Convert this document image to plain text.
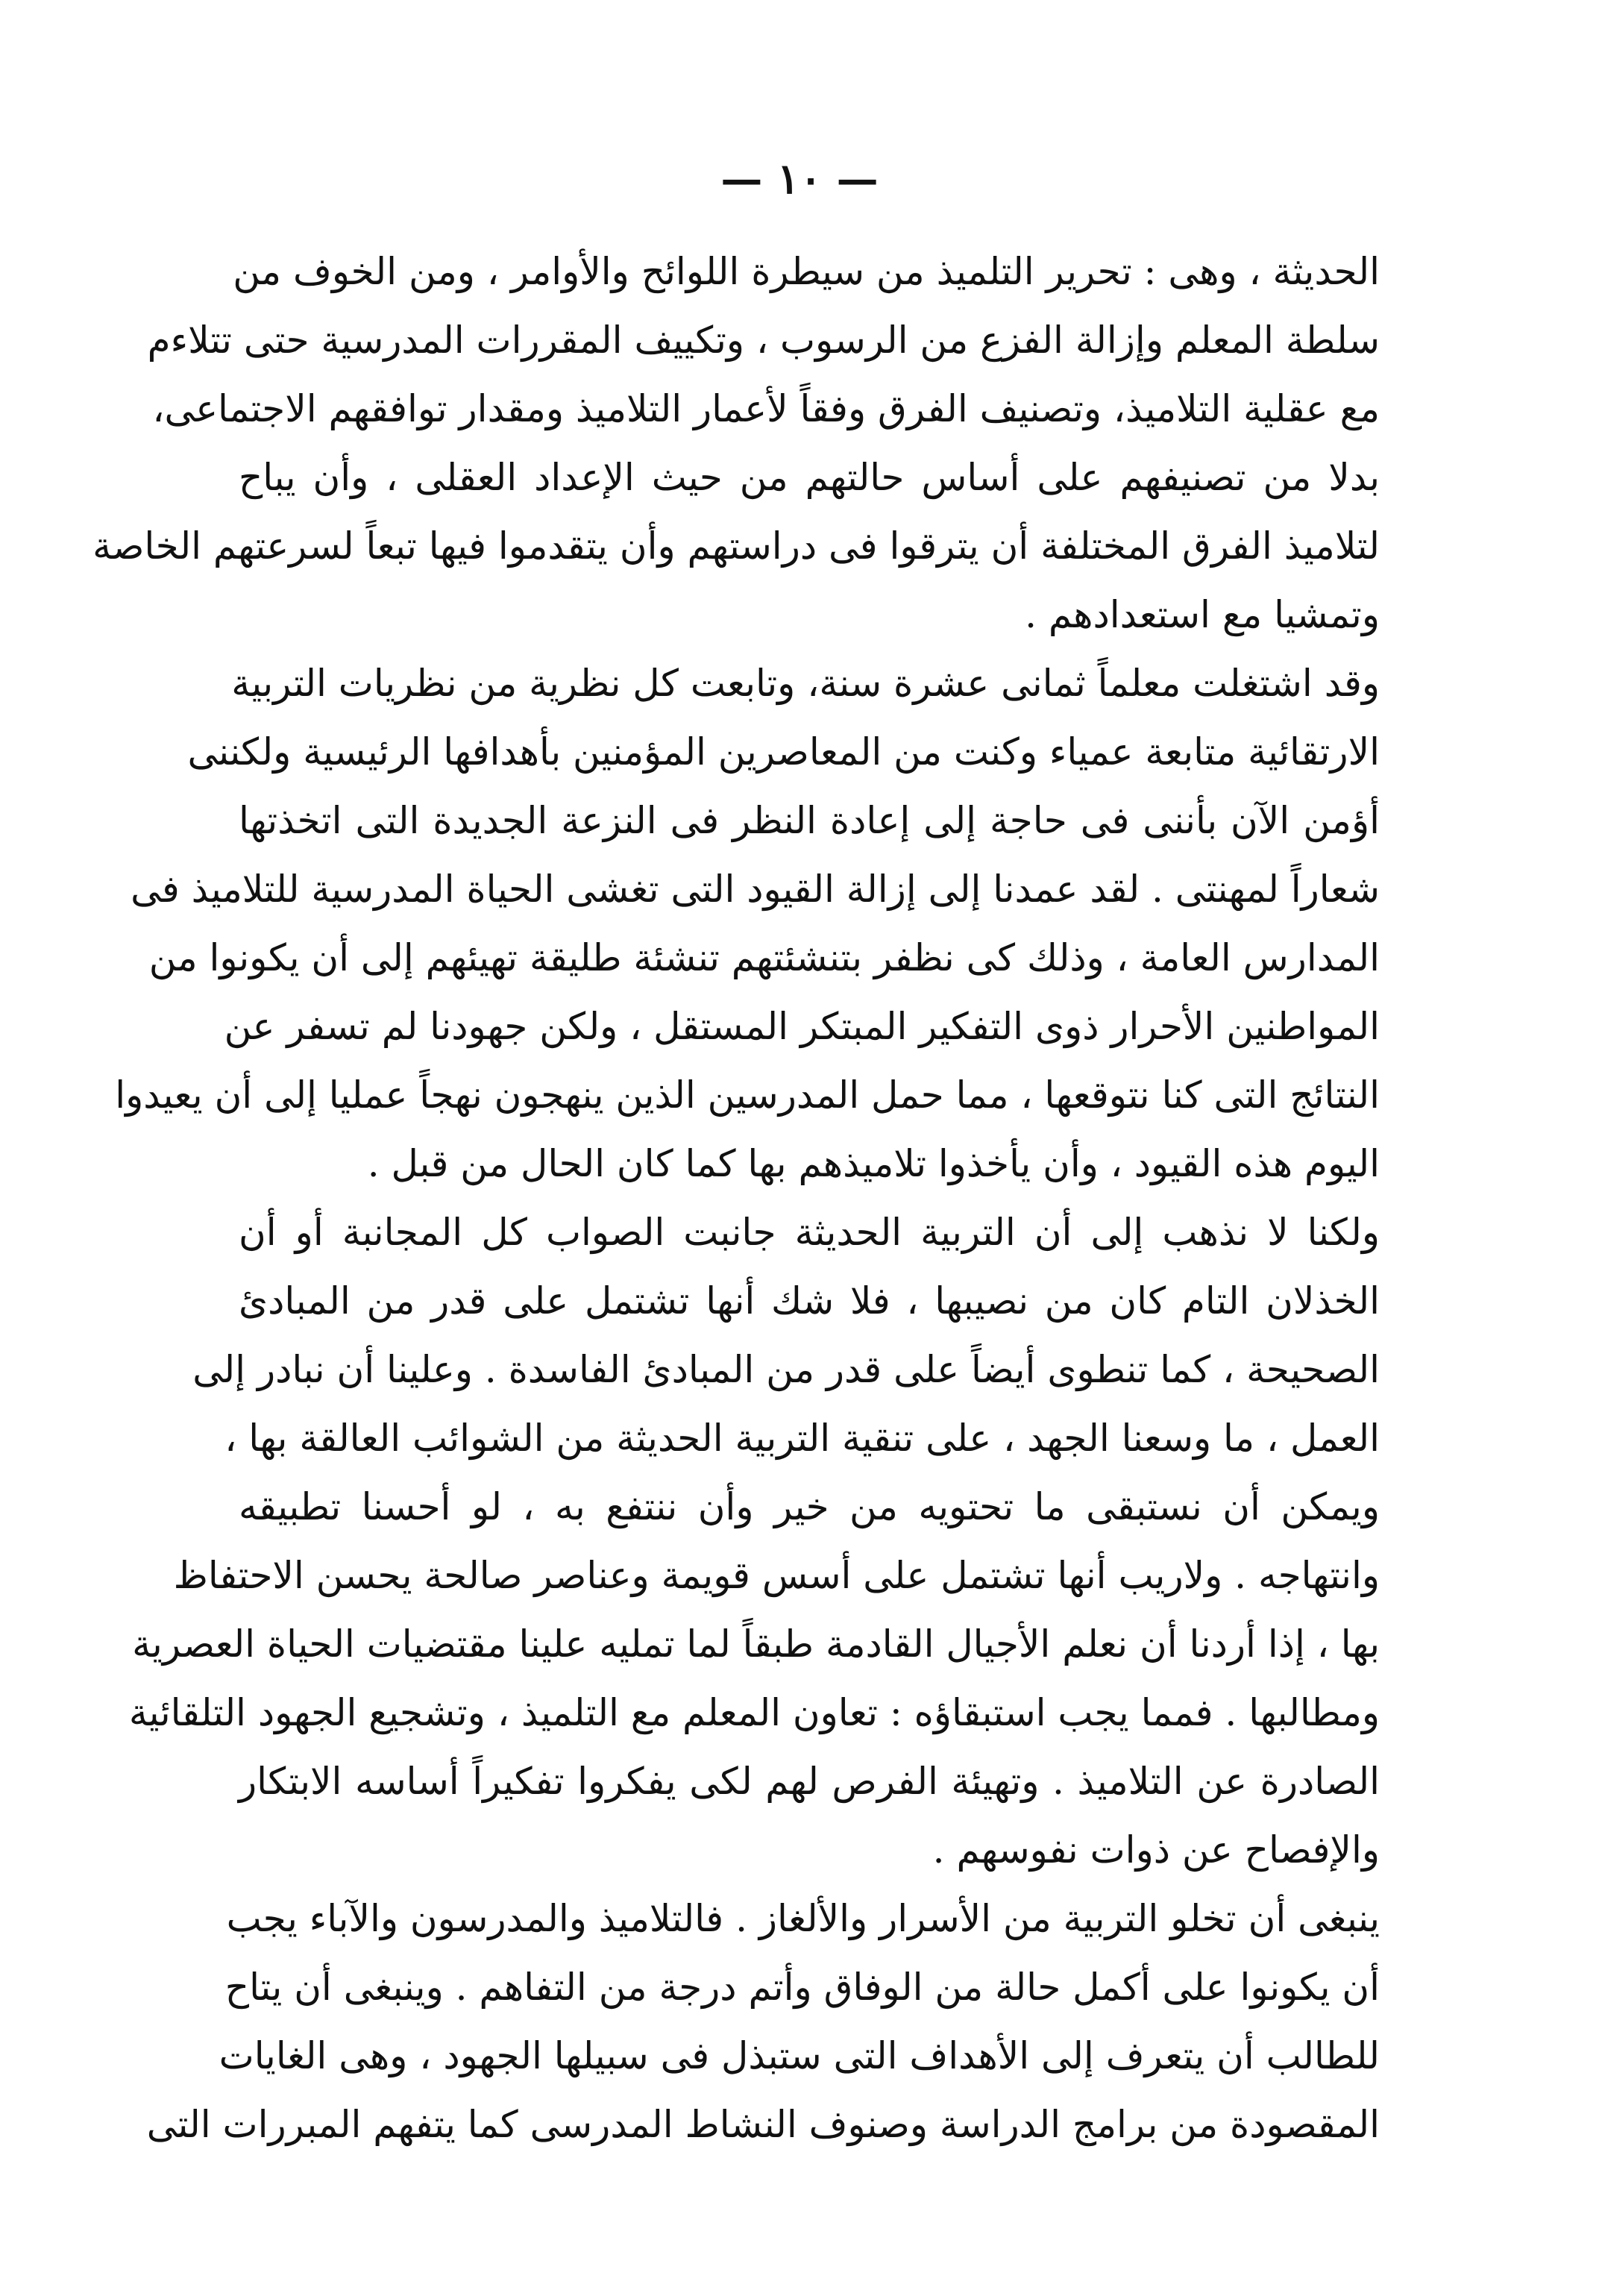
— ١٠ —
الحديثة ، وهى : تحرير التلميذ من سيطرة اللوائح والأوامر ، ومن الخوف من
سلطة المعلم وإزالة الفزع من الرسوب ، وتكييف المقررات المدرسية حتى تتلاءم
مع عقلية التلاميذ، وتصنيف الفرق وفقاً لأعمار التلاميذ ومقدار توافقهم الاجتماعى،
بدلا من تصنيفهم على أساس حالتهم من حيث الإعداد العقلى ، وأن يباح
لتلاميذ الفرق المختلفة أن يترقوا فى دراستهم وأن يتقدموا فيها تبعاً لسرعتهم الخاصة
وتمشيا مع استعدادهم .
وقد اشتغلت معلماً ثمانى عشرة سنة، وتابعت كل نظرية من نظريات التربية
الارتقائية متابعة عمياء وكنت من المعاصرين المؤمنين بأهدافها الرئيسية ولكننى
أؤمن الآن بأننى فى حاجة إلى إعادة النظر فى النزعة الجديدة التى اتخذتها
شعاراً لمهنتى . لقد عمدنا إلى إزالة القيود التى تغشى الحياة المدرسية للتلاميذ فى
المدارس العامة ، وذلك كى نظفر بتنشئتهم تنشئة طليقة تهيئهم إلى أن يكونوا من
المواطنين الأحرار ذوى التفكير المبتكر المستقل ، ولكن جهودنا لم تسفر عن
النتائج التى كنا نتوقعها ، مما حمل المدرسين الذين ينهجون نهجاً عمليا إلى أن يعيدوا
اليوم هذه القيود ، وأن يأخذوا تلاميذهم بها كما كان الحال من قبل .
ولكنا لا نذهب إلى أن التربية الحديثة جانبت الصواب كل المجانبة أو أن
الخذلان التام كان من نصيبها ، فلا شك أنها تشتمل على قدر من المبادئ
الصحيحة ، كما تنطوى أيضاً على قدر من المبادئ الفاسدة . وعلينا أن نبادر إلى
العمل ، ما وسعنا الجهد ، على تنقية التربية الحديثة من الشوائب العالقة بها ،
ويمكن أن نستبقى ما تحتويه من خير وأن ننتفع به ، لو أحسنا تطبيقه
وانتهاجه . ولاريب أنها تشتمل على أسس قويمة وعناصر صالحة يحسن الاحتفاظ
بها ، إذا أردنا أن نعلم الأجيال القادمة طبقاً لما تمليه علينا مقتضيات الحياة العصرية
ومطالبها . فمما يجب استبقاؤه : تعاون المعلم مع التلميذ ، وتشجيع الجهود التلقائية
الصادرة عن التلاميذ . وتهيئة الفرص لهم لكى يفكروا تفكيراً أساسه الابتكار
والإفصاح عن ذوات نفوسهم .
ينبغى أن تخلو التربية من الأسرار والألغاز . فالتلاميذ والمدرسون والآباء يجب
أن يكونوا على أكمل حالة من الوفاق وأتم درجة من التفاهم . وينبغى أن يتاح
للطالب أن يتعرف إلى الأهداف التى ستبذل فى سبيلها الجهود ، وهى الغايات
المقصودة من برامج الدراسة وصنوف النشاط المدرسى كما يتفهم المبررات التى
